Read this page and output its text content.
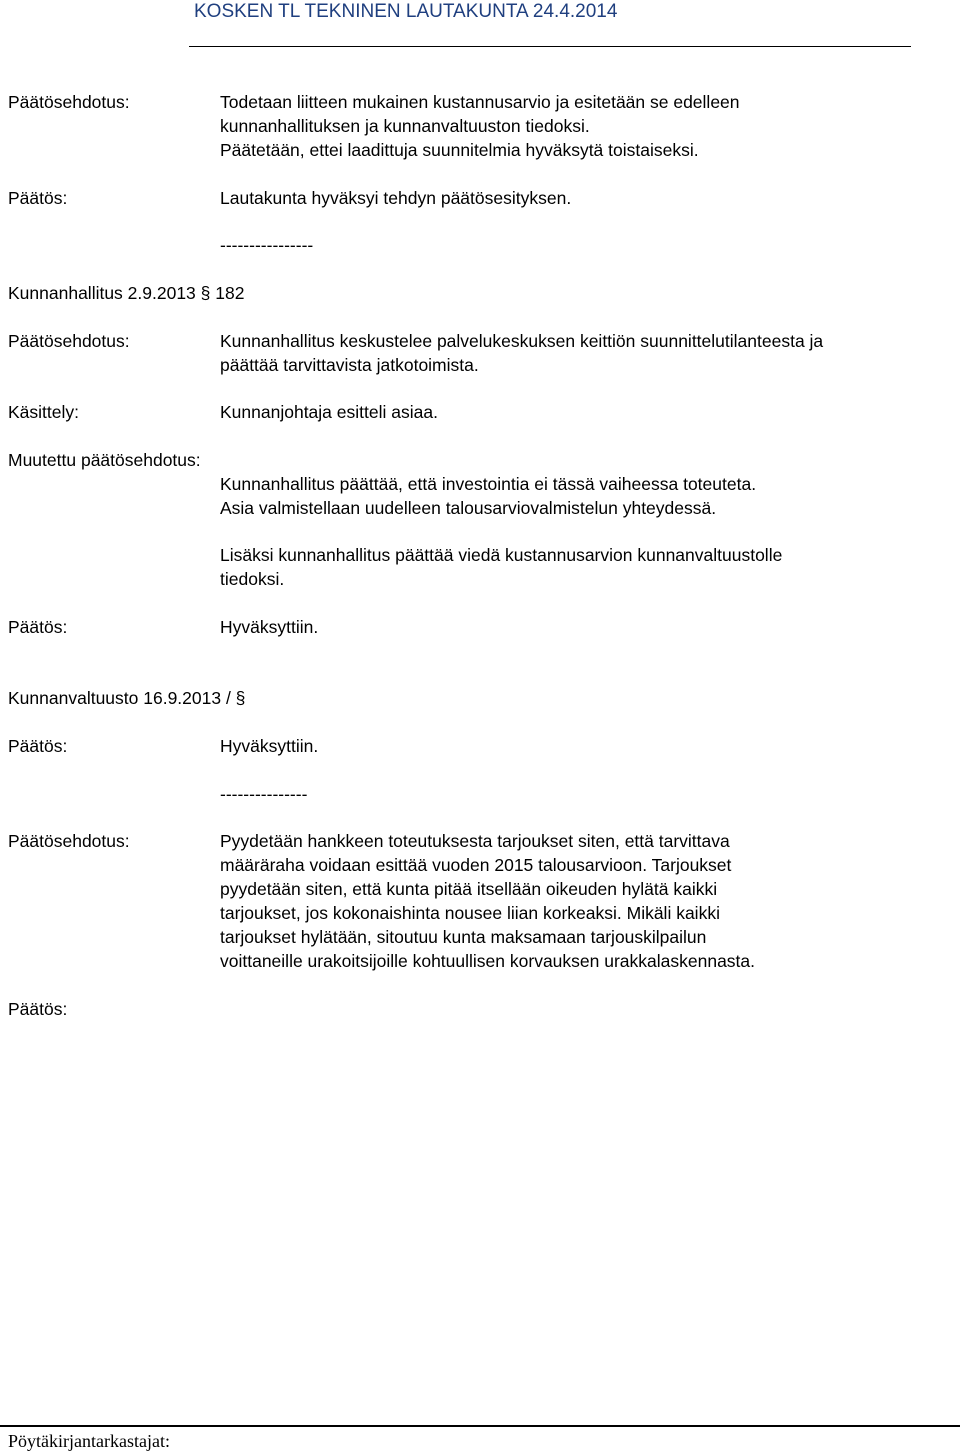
KOSKEN TL TEKNINEN LAUTAKUNTA 24.4.2014
Päätösehdotus:	Todetaan liitteen mukainen kustannusarvio ja esitetään se edelleen
kunnanhallituksen ja kunnanvaltuuston tiedoksi.
Päätetään, ettei laadittuja suunnitelmia hyväksytä toistaiseksi.
Päätös:	Lautakunta hyväksyi tehdyn päätösesityksen.
----------------
Kunnanhallitus 2.9.2013 § 182
Päätösehdotus:	Kunnanhallitus keskustelee palvelukeskuksen keittiön suunnittelutilanteesta ja
päättää tarvittavista jatkotoimista.
Käsittely:	Kunnanjohtaja esitteli asiaa.
Muutettu päätösehdotus:
Kunnanhallitus päättää, että investointia ei tässä vaiheessa toteuteta.
Asia valmistellaan uudelleen talousarviovalmistelun yhteydessä.
Lisäksi kunnanhallitus päättää viedä kustannusarvion kunnanvaltuustolle
tiedoksi.
Päätös:	Hyväksyttiin.
Kunnanvaltuusto 16.9.2013 / §
Päätös:	Hyväksyttiin.
---------------
Päätösehdotus:	Pyydetään hankkeen toteutuksesta tarjoukset siten, että tarvittava
määräraha voidaan esittää vuoden 2015 talousarvioon. Tarjoukset
pyydetään siten, että kunta pitää itsellään oikeuden hylätä kaikki
tarjoukset, jos kokonaishinta nousee liian korkeaksi. Mikäli kaikki
tarjoukset hylätään, sitoutuu kunta maksamaan tarjouskilpailun
voittaneille urakoitsijoille kohtuullisen korvauksen urakkalaskennasta.
Päätös:
Pöytäkirjantarkastajat:
